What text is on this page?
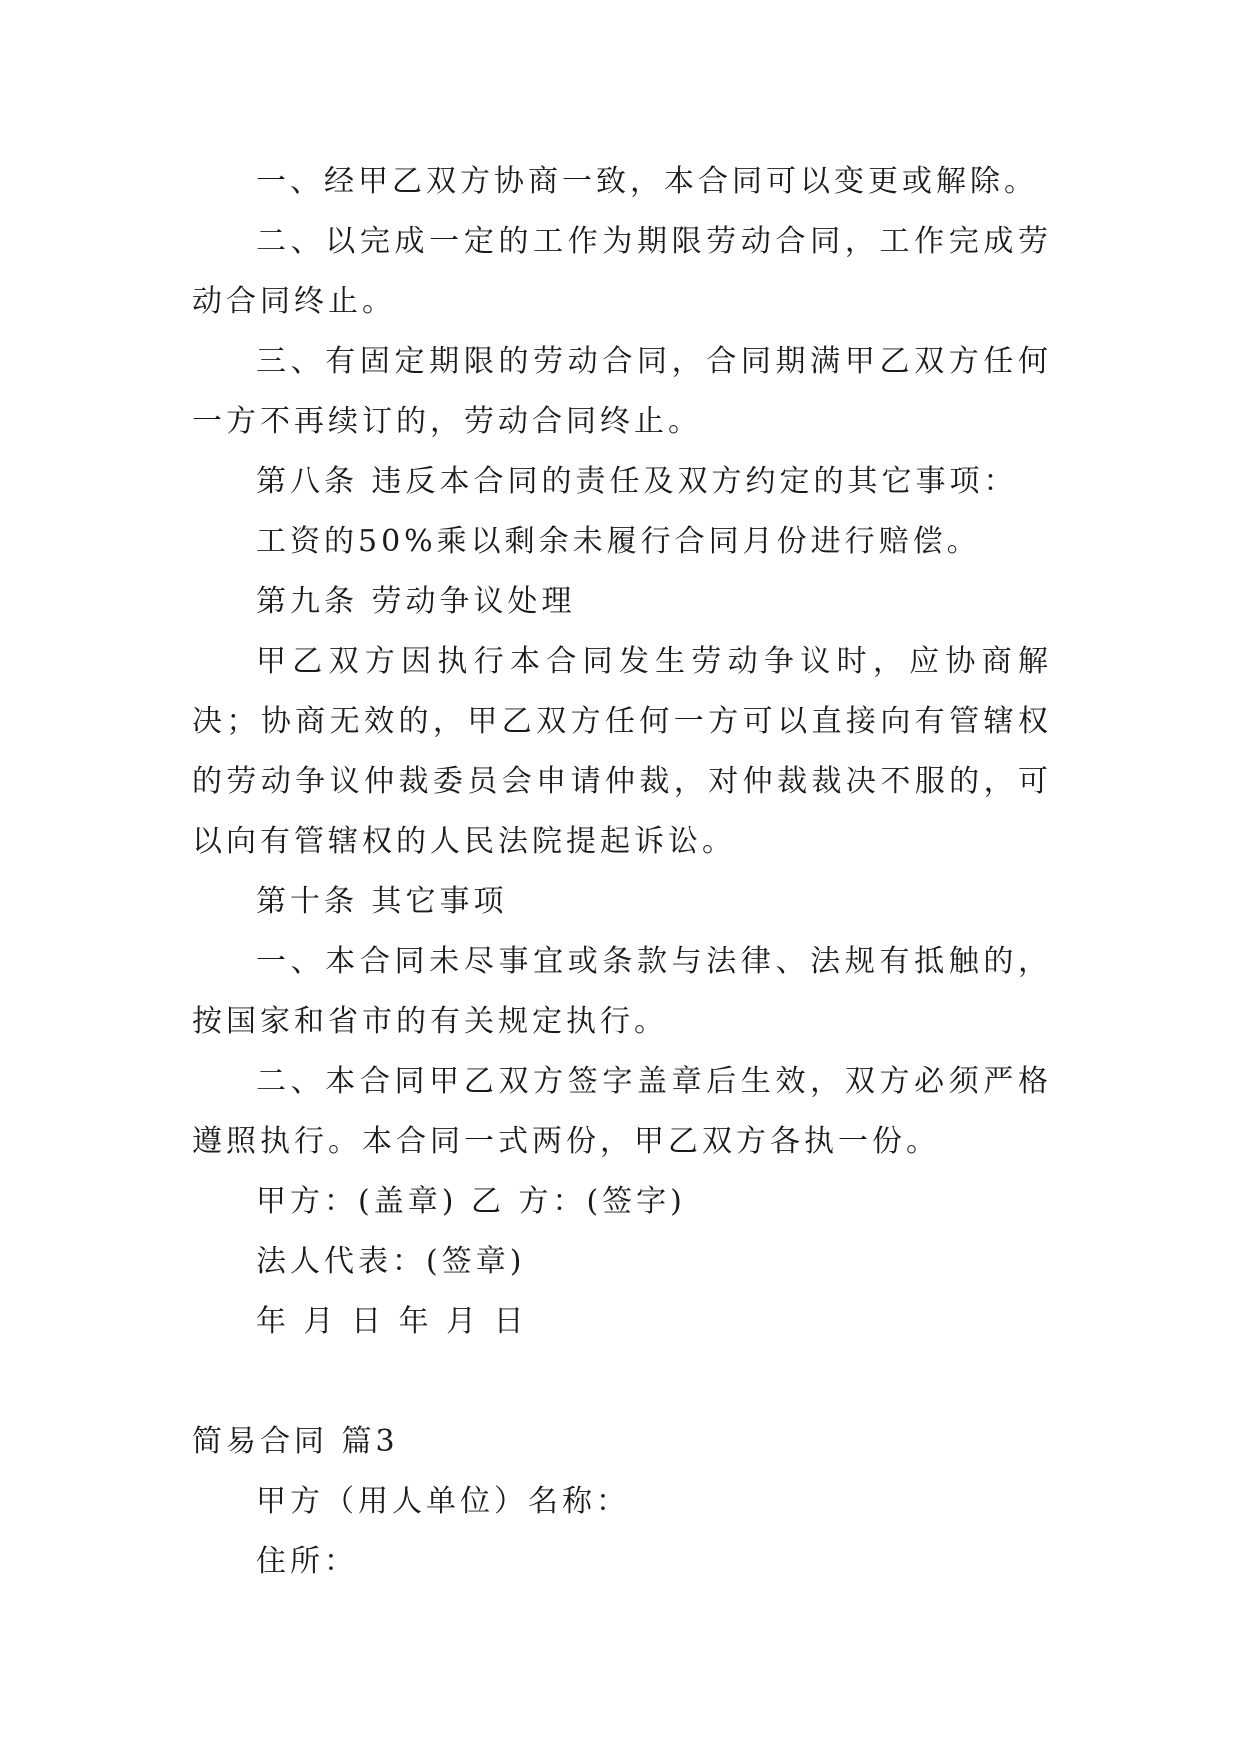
一、经甲乙双方协商一致，本合同可以变更或解除。

二、以完成一定的工作为期限劳动合同，工作完成劳动合同终止。

三、有固定期限的劳动合同，合同期满甲乙双方任何一方不再续订的，劳动合同终止。

第八条 违反本合同的责任及双方约定的其它事项：

工资的50%乘以剩余未履行合同月份进行赔偿。

第九条 劳动争议处理

甲乙双方因执行本合同发生劳动争议时，应协商解决；协商无效的，甲乙双方任何一方可以直接向有管辖权的劳动争议仲裁委员会申请仲裁，对仲裁裁决不服的，可以向有管辖权的人民法院提起诉讼。

第十条 其它事项

一、本合同未尽事宜或条款与法律、法规有抵触的，按国家和省市的有关规定执行。

二、本合同甲乙双方签字盖章后生效，双方必须严格遵照执行。本合同一式两份，甲乙双方各执一份。

甲方：(盖章) 乙 方：(签字)

法人代表：(签章)

年 月 日 年 月 日

简易合同 篇3

甲方（用人单位）名称：

住所：
